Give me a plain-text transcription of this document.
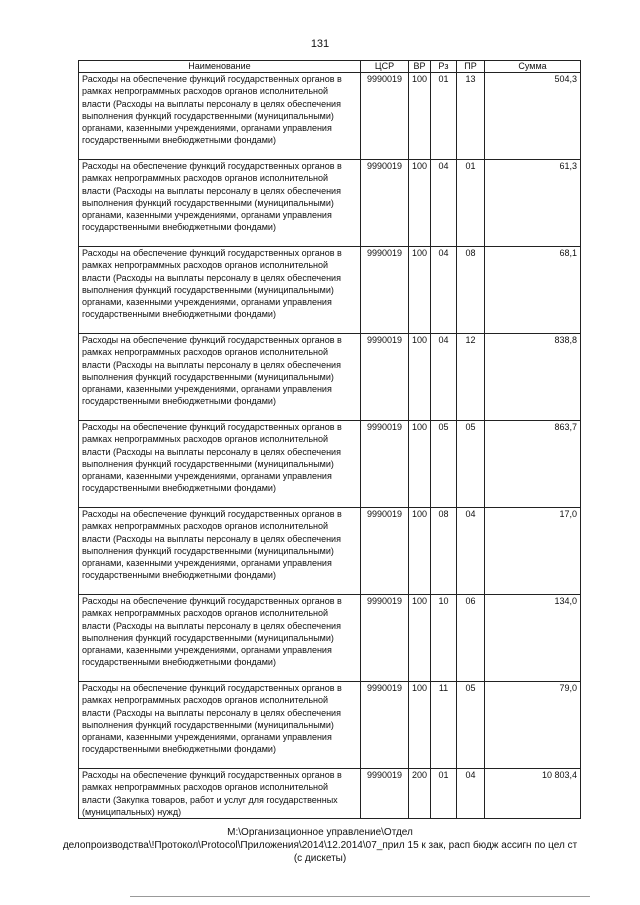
131
Наименование	ЦСР	ВР	Рз	ПР	Сумма
Расходы на обеспечение функций государственных органов в рамках непрограммных расходов органов исполнительной власти (Расходы на выплаты персоналу в целях обеспечения выполнения функций государственными (муниципальными) органами, казенными учреждениями, органами управления государственными внебюджетными фондами)	9990019	100	01	13	504,3
Расходы на обеспечение функций государственных органов в рамках непрограммных расходов органов исполнительной власти (Расходы на выплаты персоналу в целях обеспечения выполнения функций государственными (муниципальными) органами, казенными учреждениями, органами управления государственными внебюджетными фондами)	9990019	100	04	01	61,3
Расходы на обеспечение функций государственных органов в рамках непрограммных расходов органов исполнительной власти (Расходы на выплаты персоналу в целях обеспечения выполнения функций государственными (муниципальными) органами, казенными учреждениями, органами управления государственными внебюджетными фондами)	9990019	100	04	08	68,1
Расходы на обеспечение функций государственных органов в рамках непрограммных расходов органов исполнительной власти (Расходы на выплаты персоналу в целях обеспечения выполнения функций государственными (муниципальными) органами, казенными учреждениями, органами управления государственными внебюджетными фондами)	9990019	100	04	12	838,8
Расходы на обеспечение функций государственных органов в рамках непрограммных расходов органов исполнительной власти (Расходы на выплаты персоналу в целях обеспечения выполнения функций государственными (муниципальными) органами, казенными учреждениями, органами управления государственными внебюджетными фондами)	9990019	100	05	05	863,7
Расходы на обеспечение функций государственных органов в рамках непрограммных расходов органов исполнительной власти (Расходы на выплаты персоналу в целях обеспечения выполнения функций государственными (муниципальными) органами, казенными учреждениями, органами управления государственными внебюджетными фондами)	9990019	100	08	04	17,0
Расходы на обеспечение функций государственных органов в рамках непрограммных расходов органов исполнительной власти (Расходы на выплаты персоналу в целях обеспечения выполнения функций государственными (муниципальными) органами, казенными учреждениями, органами управления государственными внебюджетными фондами)	9990019	100	10	06	134,0
Расходы на обеспечение функций государственных органов в рамках непрограммных расходов органов исполнительной власти (Расходы на выплаты персоналу в целях обеспечения выполнения функций государственными (муниципальными) органами, казенными учреждениями, органами управления государственными внебюджетными фондами)	9990019	100	11	05	79,0
Расходы на обеспечение функций государственных органов в рамках непрограммных расходов органов исполнительной власти (Закупка товаров, работ и услуг для государственных (муниципальных) нужд)	9990019	200	01	04	10 803,4
М:\Организационное управление\Отдел
делопроизводства\!Протокол\Protocol\Приложения\2014\12.2014\07_прил 15 к зак, расп бюдж ассигн по цел ст
(с дискеты)
